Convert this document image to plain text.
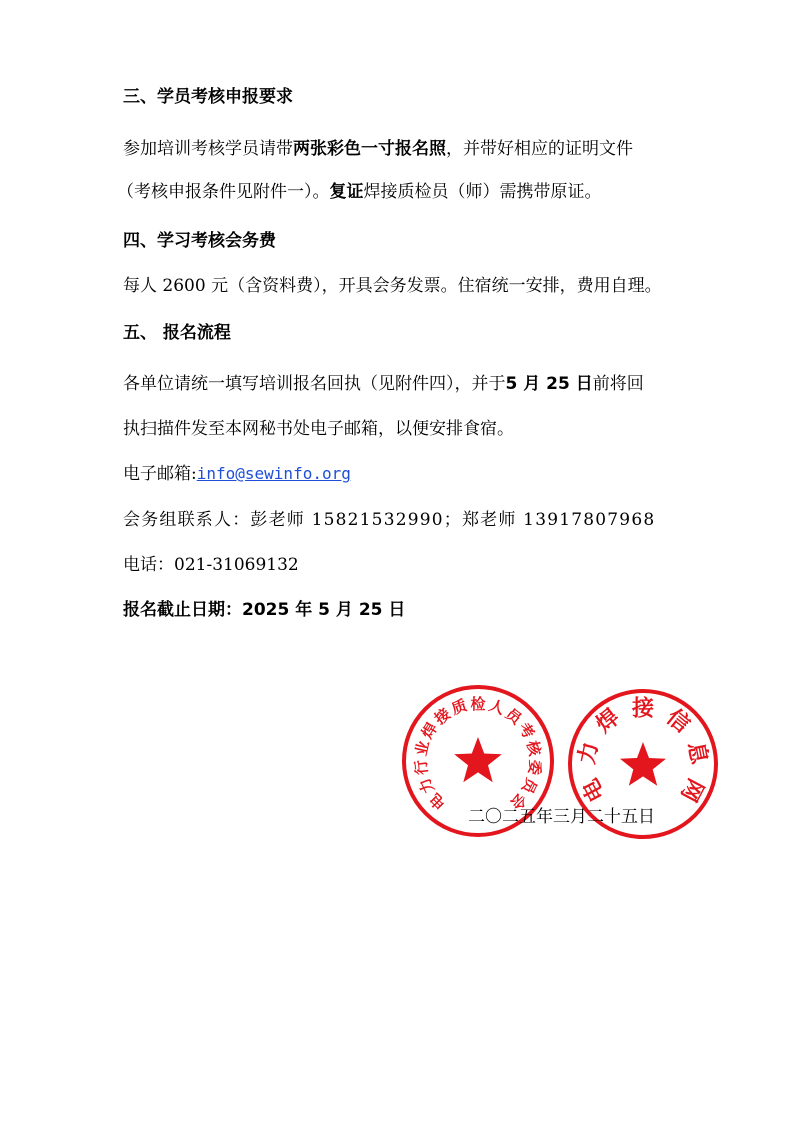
三、学员考核申报要求
参加培训考核学员请带两张彩色一寸报名照，并带好相应的证明文件
（考核申报条件见附件一）。复证焊接质检员（师）需携带原证。
四、学习考核会务费
每人 2600 元（含资料费），开具会务发票。住宿统一安排，费用自理。
五、 报名流程
各单位请统一填写培训报名回执（见附件四），并于5 月 25 日前将回
执扫描件发至本网秘书处电子邮箱，以便安排食宿。
电子邮箱:info@sewinfo.org
会务组联系人：彭老师 15821532990；郑老师 13917807968
电话：021-31069132
报名截止日期：2025 年 5 月 25 日
电
力
行
业
焊
接
质 检 人
员
考
核
委
员
会 电
力
焊 接 信
息
网
二〇二五年三月二十五日
